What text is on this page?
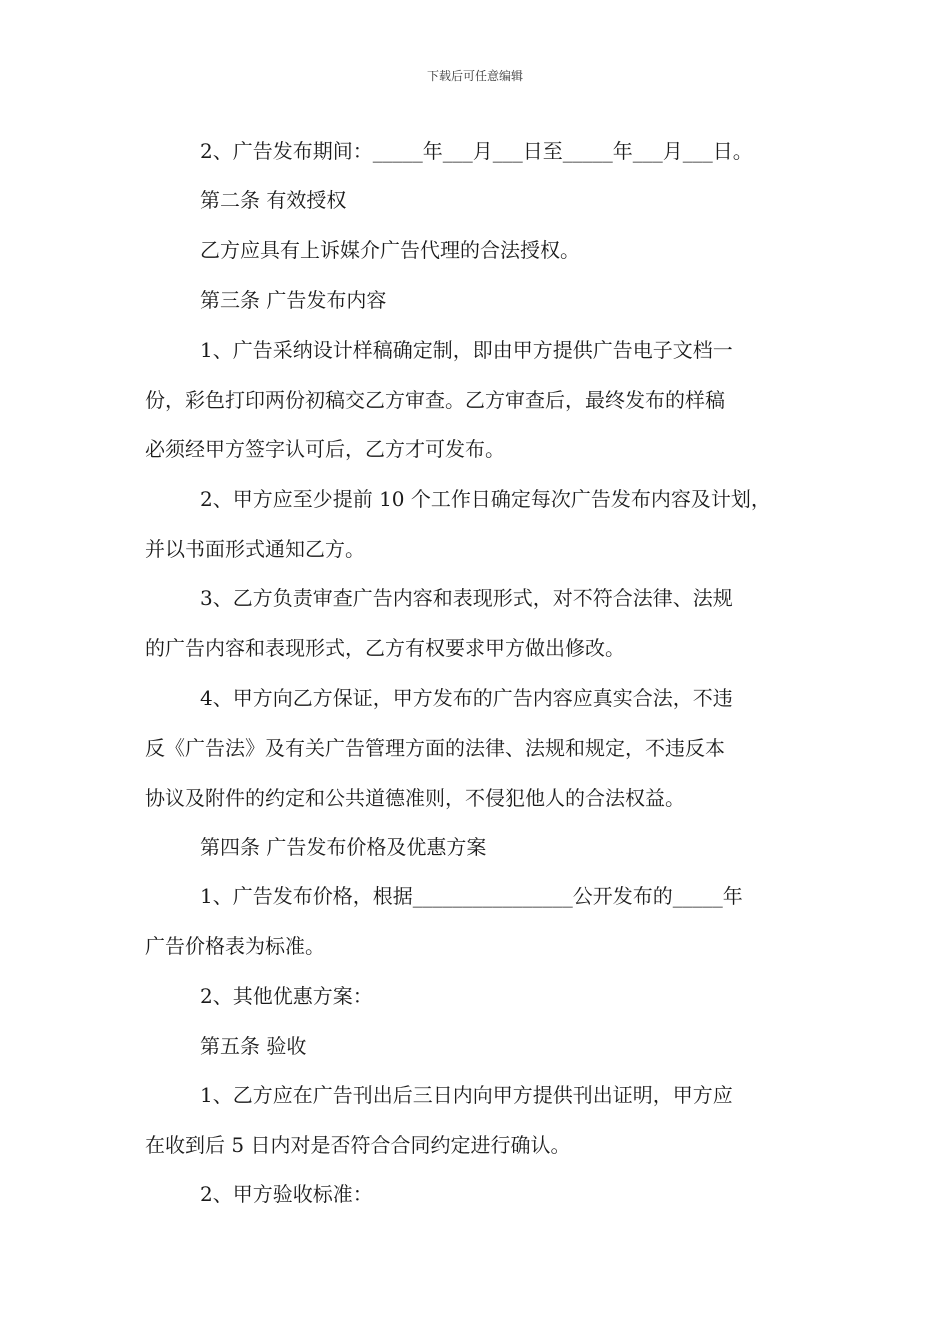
下载后可任意编辑
2、广告发布期间：_____年___月___日至_____年___月___日。
第二条 有效授权
乙方应具有上诉媒介广告代理的合法授权。
第三条 广告发布内容
1、广告采纳设计样稿确定制，即由甲方提供广告电子文档一
份，彩色打印两份初稿交乙方审查。乙方审查后，最终发布的样稿
必须经甲方签字认可后，乙方才可发布。
2、甲方应至少提前 10 个工作日确定每次广告发布内容及计划，
并以书面形式通知乙方。
3、乙方负责审查广告内容和表现形式，对不符合法律、法规
的广告内容和表现形式，乙方有权要求甲方做出修改。
4、甲方向乙方保证，甲方发布的广告内容应真实合法，不违
反《广告法》及有关广告管理方面的法律、法规和规定，不违反本
协议及附件的约定和公共道德准则，不侵犯他人的合法权益。
第四条 广告发布价格及优惠方案
1、广告发布价格，根据________________公开发布的_____年
广告价格表为标准。
2、其他优惠方案：
第五条 验收
1、乙方应在广告刊出后三日内向甲方提供刊出证明，甲方应
在收到后 5 日内对是否符合合同约定进行确认。
2、甲方验收标准：
